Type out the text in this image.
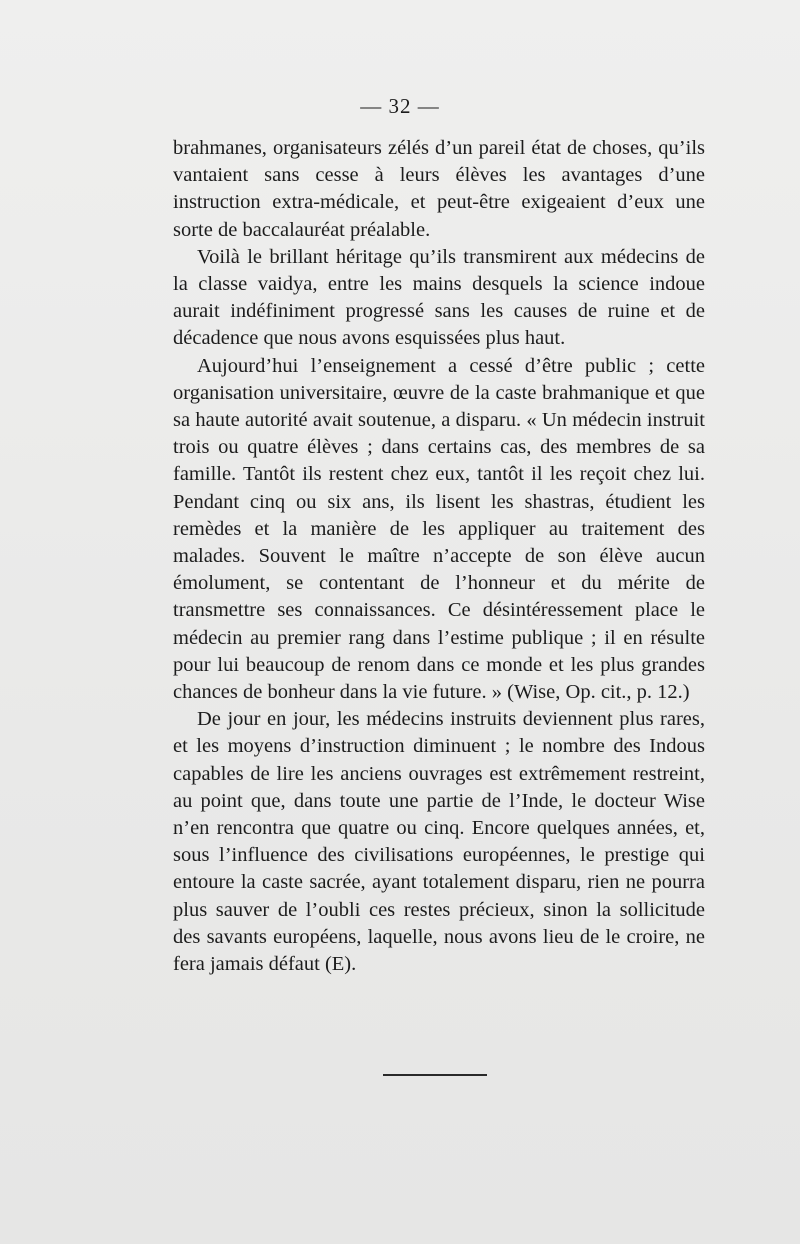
— 32 —

brahmanes, organisateurs zélés d’un pareil état de choses, qu’ils vantaient sans cesse à leurs élèves les avantages d’une instruction extra-médicale, et peut-être exigeaient d’eux une sorte de baccalauréat préalable.

Voilà le brillant héritage qu’ils transmirent aux médecins de la classe vaidya, entre les mains desquels la science indoue aurait indéfiniment progressé sans les causes de ruine et de décadence que nous avons esquissées plus haut.

Aujourd’hui l’enseignement a cessé d’être public ; cette organisation universitaire, œuvre de la caste brahmanique et que sa haute autorité avait soutenue, a disparu. « Un médecin instruit trois ou quatre élèves ; dans certains cas, des membres de sa famille. Tantôt ils restent chez eux, tantôt il les reçoit chez lui. Pendant cinq ou six ans, ils lisent les shastras, étudient les remèdes et la manière de les appliquer au traitement des malades. Souvent le maître n’accepte de son élève aucun émolument, se contentant de l’honneur et du mérite de transmettre ses connaissances. Ce désintéressement place le médecin au premier rang dans l’estime publique ; il en résulte pour lui beaucoup de renom dans ce monde et les plus grandes chances de bonheur dans la vie future. » (Wise, Op. cit., p. 12.)

De jour en jour, les médecins instruits deviennent plus rares, et les moyens d’instruction diminuent ; le nombre des Indous capables de lire les anciens ouvrages est extrêmement restreint, au point que, dans toute une partie de l’Inde, le docteur Wise n’en rencontra que quatre ou cinq. Encore quelques années, et, sous l’influence des civilisations européennes, le prestige qui entoure la caste sacrée, ayant totalement disparu, rien ne pourra plus sauver de l’oubli ces restes précieux, sinon la sollicitude des savants européens, laquelle, nous avons lieu de le croire, ne fera jamais défaut (E).
